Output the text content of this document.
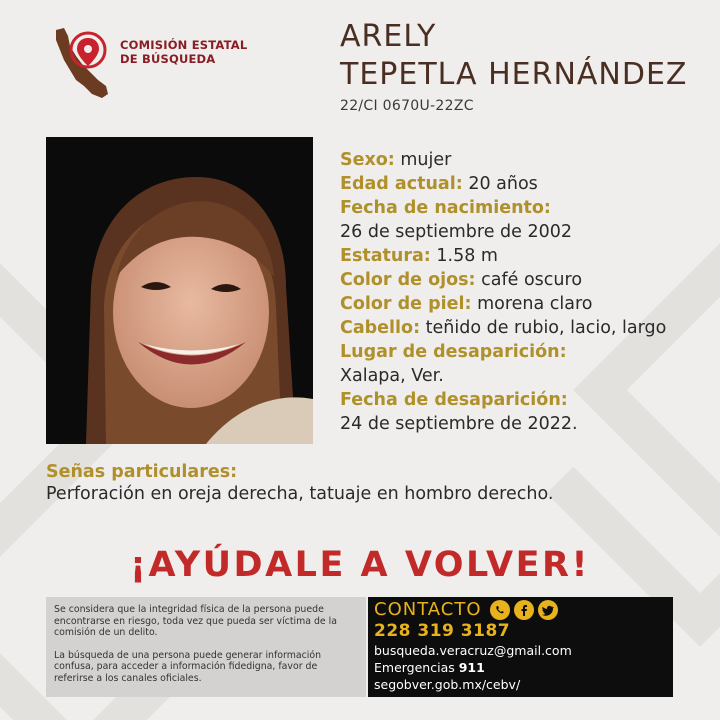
COMISIÓN ESTATAL
DE BÚSQUEDA
ARELY
TEPETLA HERNÁNDEZ
22/CI 0670U-22ZC
Sexo: mujer
Edad actual: 20 años
Fecha de nacimiento:
26 de septiembre de 2002
Estatura: 1.58 m
Color de ojos: café oscuro
Color de piel: morena claro
Cabello: teñido de rubio, lacio, largo
Lugar de desaparición:
Xalapa, Ver.
Fecha de desaparición:
24 de septiembre de 2022.
Señas particulares:
Perforación en oreja derecha, tatuaje en hombro derecho.
¡AYÚDALE A VOLVER!

Se considera que la integridad física de la persona puede encontrarse en riesgo, toda vez que pueda ser víctima de la comisión de un delito.

La búsqueda de una persona puede generar información confusa, para acceder a información fidedigna, favor de referirse a los canales oficiales.

CONTACTO
228 319 3187
busqueda.veracruz@gmail.com
Emergencias 911
segobver.gob.mx/cebv/
